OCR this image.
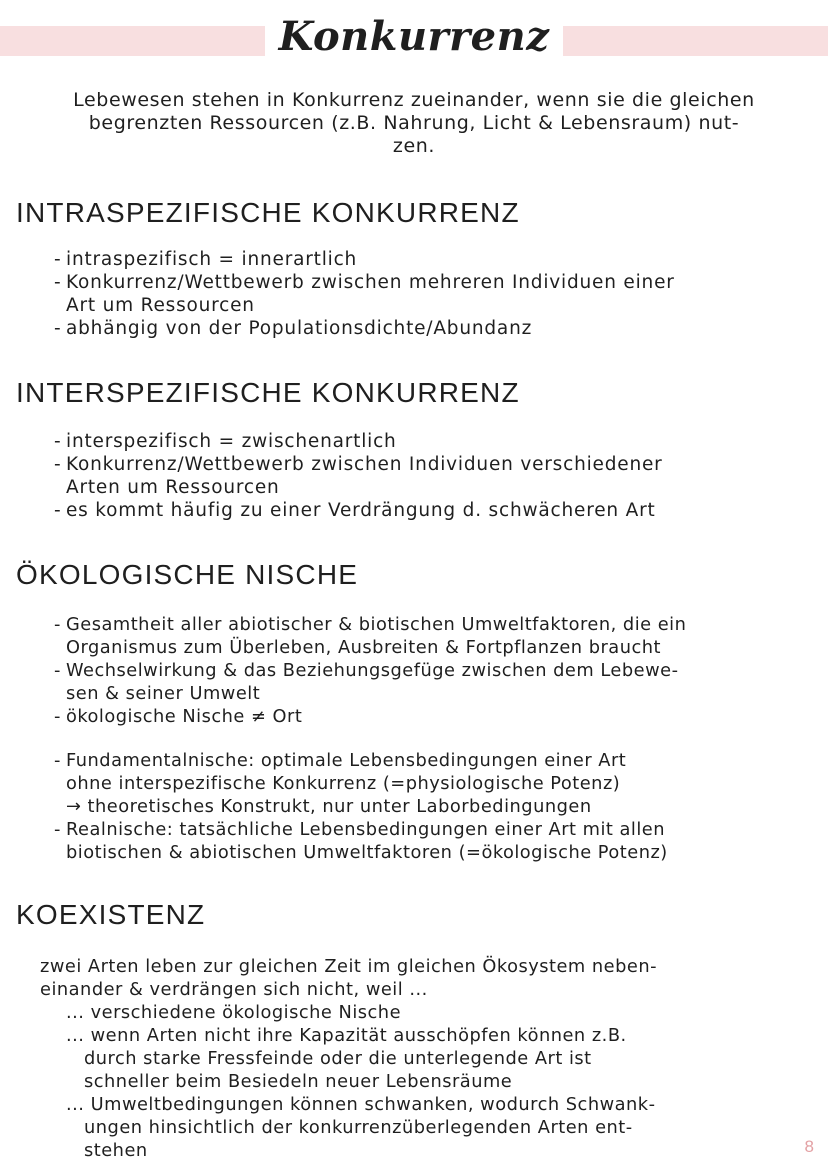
Konkurrenz

Lebewesen stehen in Konkurrenz zueinander, wenn sie die gleichen
begrenzten Ressourcen (z.B. Nahrung, Licht & Lebensraum) nut-
zen.

INTRASPEZIFISCHE KONKURRENZ
- intraspezifisch = innerartlich
- Konkurrenz/Wettbewerb zwischen mehreren Individuen einer
Art um Ressourcen
- abhängig von der Populationsdichte/Abundanz
INTERSPEZIFISCHE KONKURRENZ
- interspezifisch = zwischenartlich
- Konkurrenz/Wettbewerb zwischen Individuen verschiedener
Arten um Ressourcen
- es kommt häufig zu einer Verdrängung d. schwächeren Art
ÖKOLOGISCHE NISCHE
- Gesamtheit aller abiotischer & biotischen Umweltfaktoren, die ein
Organismus zum Überleben, Ausbreiten & Fortpflanzen braucht
- Wechselwirkung & das Beziehungsgefüge zwischen dem Lebewe-
sen & seiner Umwelt
- ökologische Nische ≠ Ort
- Fundamentalnische: optimale Lebensbedingungen einer Art
ohne interspezifische Konkurrenz (=physiologische Potenz)
→ theoretisches Konstrukt, nur unter Laborbedingungen
- Realnische: tatsächliche Lebensbedingungen einer Art mit allen
biotischen & abiotischen Umweltfaktoren (=ökologische Potenz)
KOEXISTENZ
zwei Arten leben zur gleichen Zeit im gleichen Ökosystem neben-
einander & verdrängen sich nicht, weil ...
... verschiedene ökologische Nische
... wenn Arten nicht ihre Kapazität ausschöpfen können z.B.
durch starke Fressfeinde oder die unterlegende Art ist
schneller beim Besiedeln neuer Lebensräume
... Umweltbedingungen können schwanken, wodurch Schwank-
ungen hinsichtlich der konkurrenzüberlegenden Arten ent-
stehen	8
